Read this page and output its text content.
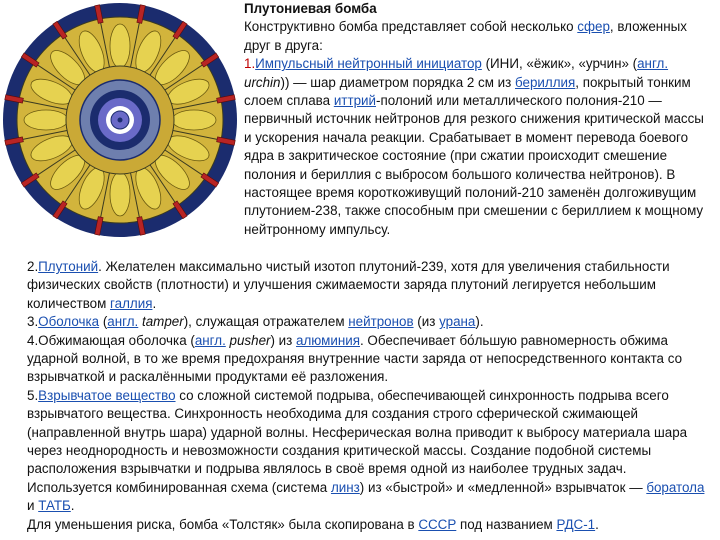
Плутониевая бомба
Конструктивно бомба представляет собой несколько сфер, вложенных друг в друга:
1.Импульсный нейтронный инициатор (ИНИ, «ёжик», «урчин» (англ. urchin)) — шар диаметром порядка 2 см из бериллия, покрытый тонким слоем сплава иттрий-полоний или металлического полония-210 — первичный источник нейтронов для резкого снижения критической массы и ускорения начала реакции. Срабатывает в момент перевода боевого ядра в закритическое состояние (при сжатии происходит смешение полония и бериллия с выбросом большого количества нейтронов). В настоящее время короткоживущий полоний-210 заменён долгоживущим плутонием-238, также способным при смешении с бериллием к мощному нейтронному импульсу.

2.Плутоний. Желателен максимально чистый изотоп плутоний-239, хотя для увеличения стабильности физических свойств (плотности) и улучшения сжимаемости заряда плутоний легируется небольшим количеством галлия.
3.Оболочка (англ. tamper), служащая отражателем нейтронов (из урана).
4.Обжимающая оболочка (англ. pusher) из алюминия. Обеспечивает бо́льшую равномерность обжима ударной волной, в то же время предохраняя внутренние части заряда от непосредственного контакта со взрывчаткой и раскалёнными продуктами её разложения.
5.Взрывчатое вещество со сложной системой подрыва, обеспечивающей синхронность подрыва всего взрывчатого вещества. Синхронность необходима для создания строго сферической сжимающей (направленной внутрь шара) ударной волны. Несферическая волна приводит к выбросу материала шара через неоднородность и невозможности создания критической массы. Создание подобной системы расположения взрывчатки и подрыва являлось в своё время одной из наиболее трудных задач. Используется комбинированная схема (система линз) из «быстрой» и «медленной» взрывчаток — боратола и ТАТБ.
Для уменьшения риска, бомба «Толстяк» была скопирована в СССР под названием РДС-1.
